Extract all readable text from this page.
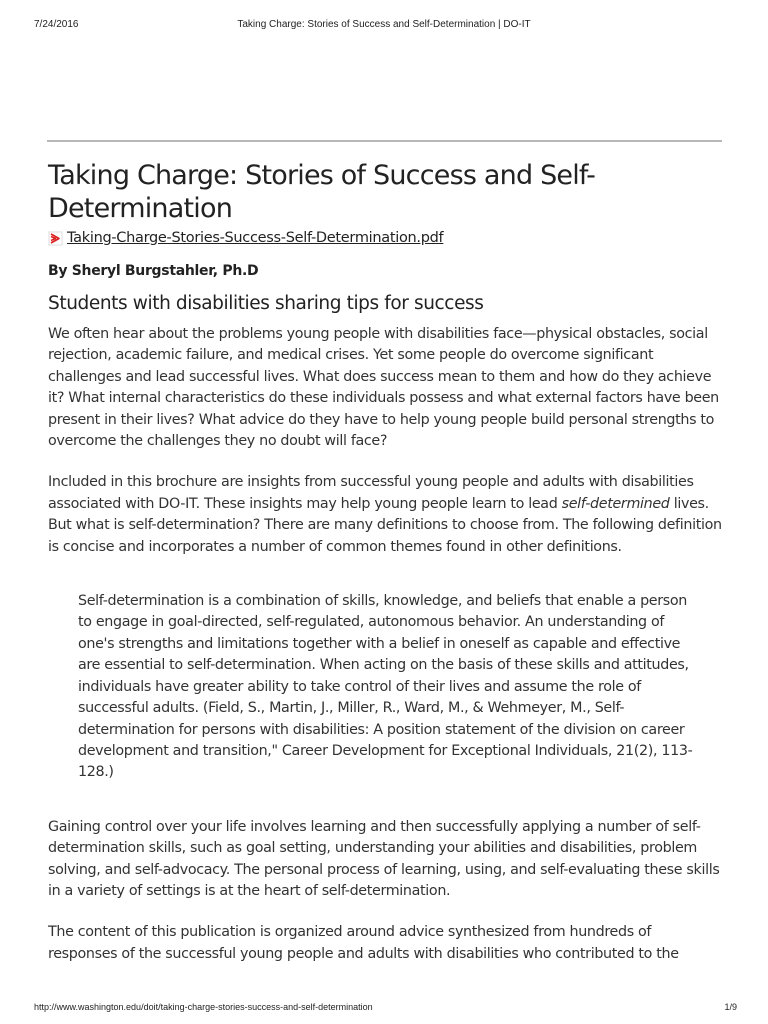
7/24/2016	Taking Charge: Stories of Success and Self-Determination | DO-IT
Taking Charge: Stories of Success and Self-Determination
Taking-Charge-Stories-Success-Self-Determination.pdf

By Sheryl Burgstahler, Ph.D

Students with disabilities sharing tips for success

We often hear about the problems young people with disabilities face—physical obstacles, social rejection, academic failure, and medical crises. Yet some people do overcome significant challenges and lead successful lives. What does success mean to them and how do they achieve it? What internal characteristics do these individuals possess and what external factors have been present in their lives? What advice do they have to help young people build personal strengths to overcome the challenges they no doubt will face?

Included in this brochure are insights from successful young people and adults with disabilities associated with DO-IT. These insights may help young people learn to lead self-determined lives. But what is self-determination? There are many definitions to choose from. The following definition is concise and incorporates a number of common themes found in other definitions.

Self-determination is a combination of skills, knowledge, and beliefs that enable a person to engage in goal-directed, self-regulated, autonomous behavior. An understanding of one's strengths and limitations together with a belief in oneself as capable and effective are essential to self-determination. When acting on the basis of these skills and attitudes, individuals have greater ability to take control of their lives and assume the role of successful adults. (Field, S., Martin, J., Miller, R., Ward, M., & Wehmeyer, M., Self-determination for persons with disabilities: A position statement of the division on career development and transition," Career Development for Exceptional Individuals, 21(2), 113-128.)

Gaining control over your life involves learning and then successfully applying a number of self-determination skills, such as goal setting, understanding your abilities and disabilities, problem solving, and self-advocacy. The personal process of learning, using, and self-evaluating these skills in a variety of settings is at the heart of self-determination.

The content of this publication is organized around advice synthesized from hundreds of responses of the successful young people and adults with disabilities who contributed to the

http://www.washington.edu/doit/taking-charge-stories-success-and-self-determination	1/9
